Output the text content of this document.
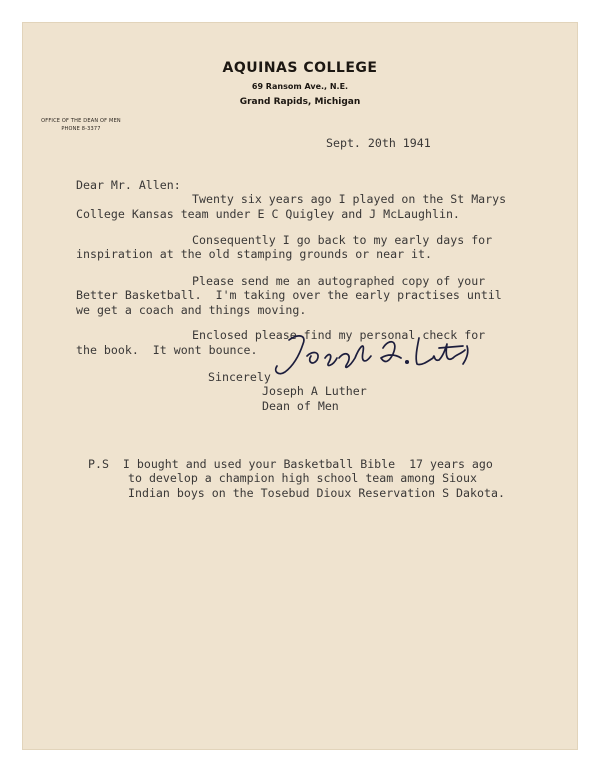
AQUINAS COLLEGE
69 Ransom Ave., N.E.
Grand Rapids, Michigan
OFFICE OF THE DEAN OF MEN
PHONE 8-3377

Sept. 20th 1941

Dear Mr. Allen:

Twenty six years ago I played on the St Marys

College Kansas team under E C Quigley and J McLaughlin.

Consequently I go back to my early days for

inspiration at the old stamping grounds or near it.

Please send me an autographed copy of your

Better Basketball.  I'm taking over the early practises until

we get a coach and things moving.

Enclosed please find my personal check for

the book.  It wont bounce.

Sincerely

Joseph A Luther

Dean of Men

P.S  I bought and used your Basketball Bible  17 years ago

to develop a champion high school team among Sioux

Indian boys on the Tosebud Dioux Reservation S Dakota.
